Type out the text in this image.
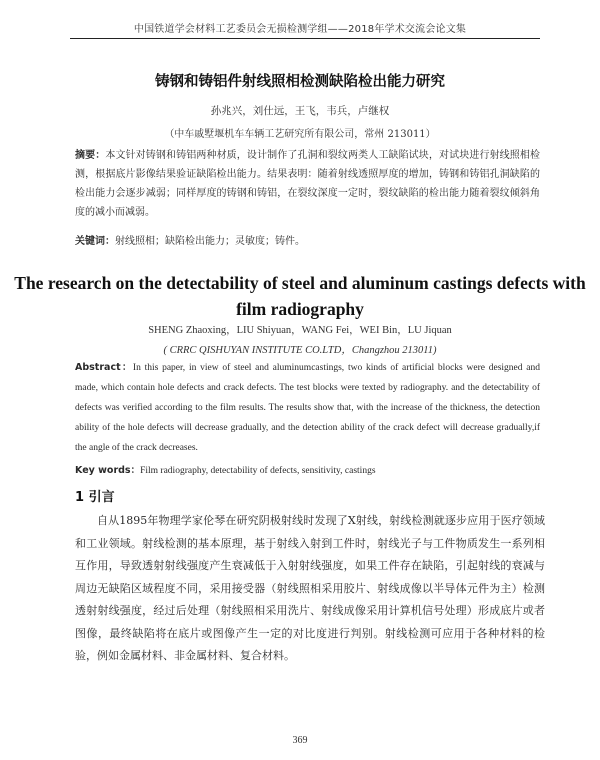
中国铁道学会材料工艺委员会无损检测学组——2018年学术交流会论文集
铸钢和铸铝件射线照相检测缺陷检出能力研究
孙兆兴，刘仕远，王飞，韦兵，卢继权
（中车戚墅堰机车车辆工艺研究所有限公司，常州 213011）
摘要：本文针对铸钢和铸铝两种材质，设计制作了孔洞和裂纹两类人工缺陷试块，对试块进行射线照相检测，根据底片影像结果验证缺陷检出能力。结果表明：随着射线透照厚度的增加，铸钢和铸铝孔洞缺陷的检出能力会逐步减弱；同样厚度的铸钢和铸铝，在裂纹深度一定时，裂纹缺陷的检出能力随着裂纹倾斜角度的减小而减弱。
关键词：射线照相；缺陷检出能力；灵敏度；铸件。
The research on the detectability of steel and aluminum castings defects with film radiography
SHENG Zhaoxing，LIU Shiyuan，WANG Fei，WEI Bin，LU Jiquan
( CRRC QISHUYAN INSTITUTE CO.LTD，Changzhou 213011)
Abstract：In this paper, in view of steel and aluminumcastings, two kinds of artificial blocks were designed and made, which contain hole defects and crack defects. The test blocks were texted by radiography. and the detectability of defects was verified according to the film results. The results show that, with the increase of the thickness, the detection ability of the hole defects will decrease gradually, and the detection ability of the crack defect will decrease gradually,if the angle of the crack decreases.
Key words：Film radiography, detectability of defects, sensitivity, castings
1 引言
自从1895年物理学家伦琴在研究阴极射线时发现了X射线，射线检测就逐步应用于医疗领域和工业领域。射线检测的基本原理，基于射线入射到工件时，射线光子与工件物质发生一系列相互作用，导致透射射线强度产生衰减低于入射射线强度，如果工件存在缺陷，引起射线的衰减与周边无缺陷区域程度不同，采用接受器（射线照相采用胶片、射线成像以半导体元件为主）检测透射射线强度，经过后处理（射线照相采用洗片、射线成像采用计算机信号处理）形成底片或者图像，最终缺陷将在底片或图像产生一定的对比度进行判别。射线检测可应用于各种材料的检验，例如金属材料、非金属材料、复合材料。
369
